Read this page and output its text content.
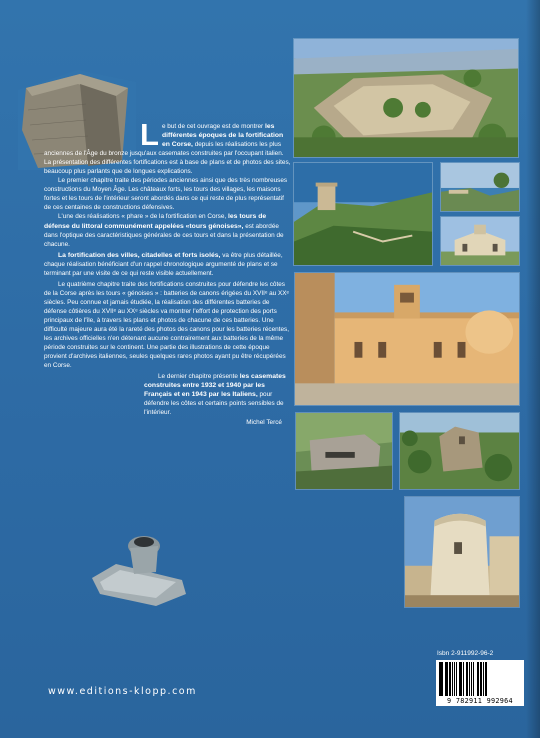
Le but de cet ouvrage est de montrer les différentes époques de la fortification en Corse, depuis les réalisations les plus anciennes de l'Âge du bronze jusqu'aux casemates construites par l'occupant italien. La présentation des différentes fortifications est à base de plans et de photos des sites, beaucoup plus parlants que de longues explications.

Le premier chapitre traite des périodes anciennes ainsi que des très nombreuses constructions du Moyen Âge. Les châteaux forts, les tours des villages, les maisons fortes et les tours de l'intérieur seront abordés dans ce qui reste de plus représentatif de ces centaines de constructions défensives.

L'une des réalisations « phare » de la fortification en Corse, les tours de défense du littoral communément appelées «tours génoises», est abordée dans l'optique des caractéristiques générales de ces tours et dans la présentation de chacune.

La fortification des villes, citadelles et forts isolés, va être plus détaillée, chaque réalisation bénéficiant d'un rappel chronologique argumenté de plans et se terminant par une visite de ce qui reste visible actuellement.

Le quatrième chapitre traite des fortifications construites pour défendre les côtes de la Corse après les tours « génoises » : batteries de canons érigées du XVIIᵉ au XXᵉ siècles. Peu connue et jamais étudiée, la réalisation des différentes batteries de défense côtières du XVIIᵉ au XXᵉ siècles va montrer l'effort de protection des ports principaux de l'île, à travers les plans et photos de chacune de ces batteries. Une difficulté majeure aura été la rareté des photos des canons pour les batteries récentes, les archives officielles n'en détenant aucune contrairement aux batteries de la même période construites sur le continent. Une partie des illustrations de cette époque provient d'archives italiennes, seules quelques rares photos ayant pu être récupérées en Corse.

Le dernier chapitre présente les casemates construites entre 1932 et 1940 par les Français et en 1943 par les Italiens, pour défendre les côtes et certains points sensibles de l'intérieur.

Michel Tercé

www.editions-klopp.com
Isbn 2-911992-96-2
9 782911 992964
